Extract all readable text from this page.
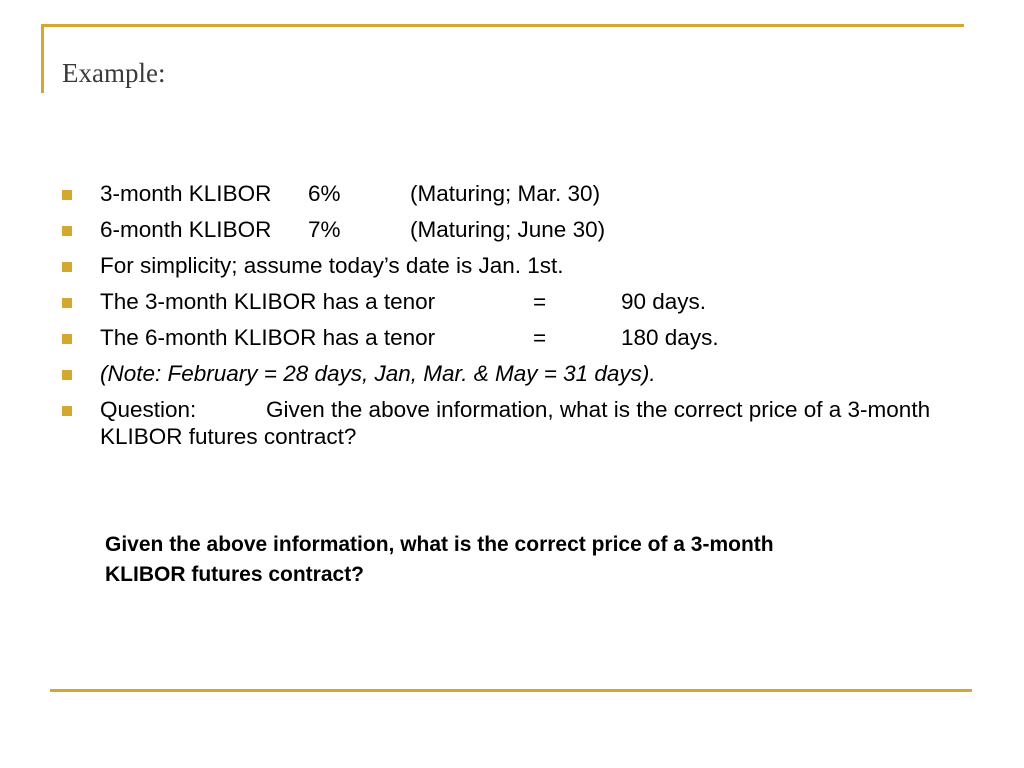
Example:
3-month KLIBOR 6%	(Maturing; Mar. 30)
6-month KLIBOR 7%	(Maturing; June 30)
For simplicity; assume today’s date is Jan. 1st.
The 3-month KLIBOR has a tenor	=	90 days.
The 6-month KLIBOR has a tenor	=	180 days.
(Note: February = 28 days, Jan, Mar. & May = 31 days).
Question:	Given the above information, what is the correct price of a 3-month KLIBOR futures contract?
Given the above information, what is the correct price of a 3-month KLIBOR futures contract?
